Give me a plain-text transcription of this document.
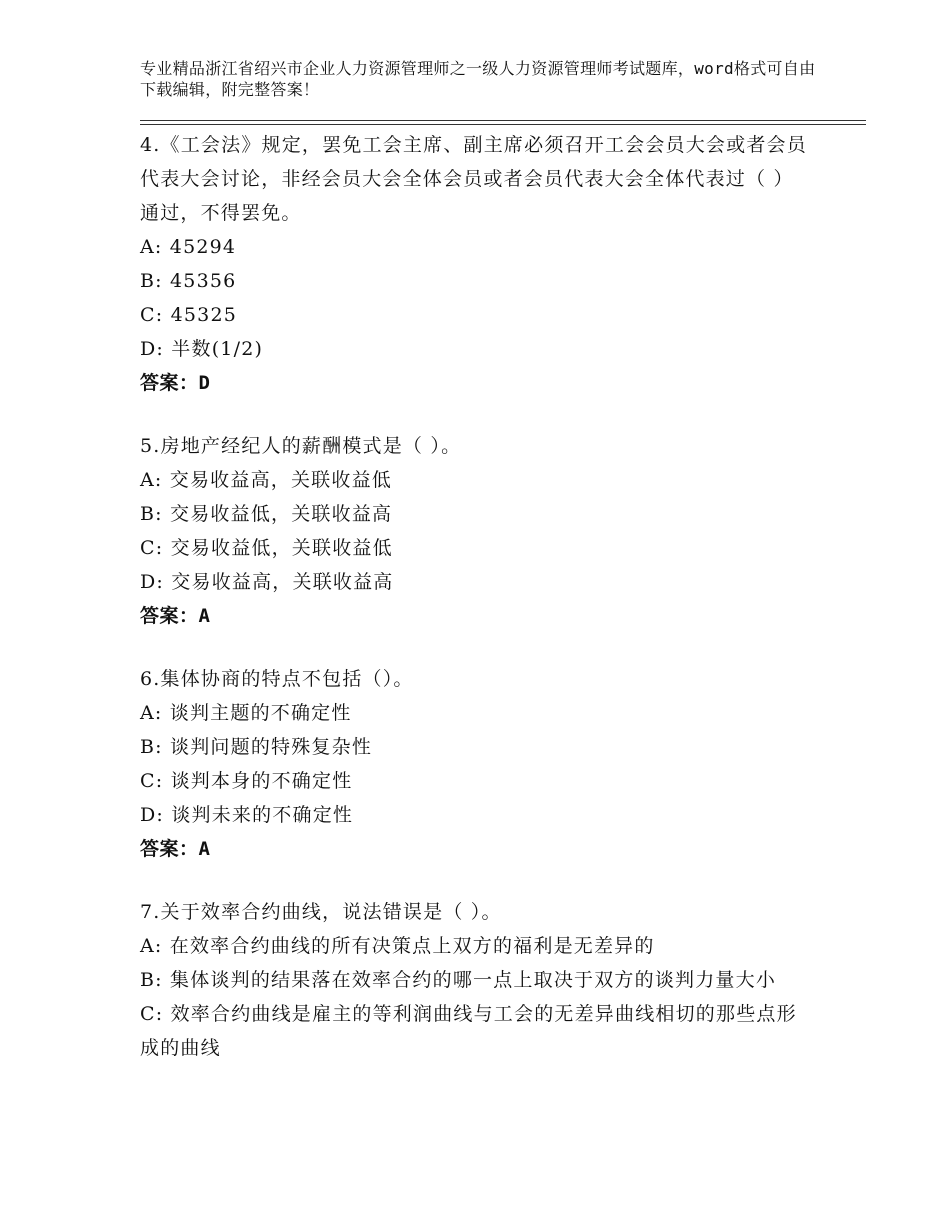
专业精品浙江省绍兴市企业人力资源管理师之一级人力资源管理师考试题库，word格式可自由下载编辑，附完整答案！
4.《工会法》规定，罢免工会主席、副主席必须召开工会会员大会或者会员代表大会讨论，非经会员大会全体会员或者会员代表大会全体代表过（ ）通过，不得罢免。
A: 45294
B: 45356
C: 45325
D: 半数(1/2)
答案：D
5.房地产经纪人的薪酬模式是（ ）。
A: 交易收益高，关联收益低
B: 交易收益低，关联收益高
C: 交易收益低，关联收益低
D: 交易收益高，关联收益高
答案：A
6.集体协商的特点不包括（）。
A: 谈判主题的不确定性
B: 谈判问题的特殊复杂性
C: 谈判本身的不确定性
D: 谈判未来的不确定性
答案：A
7.关于效率合约曲线，说法错误是（ ）。
A: 在效率合约曲线的所有决策点上双方的福利是无差异的
B: 集体谈判的结果落在效率合约的哪一点上取决于双方的谈判力量大小
C: 效率合约曲线是雇主的等利润曲线与工会的无差异曲线相切的那些点形成的曲线
